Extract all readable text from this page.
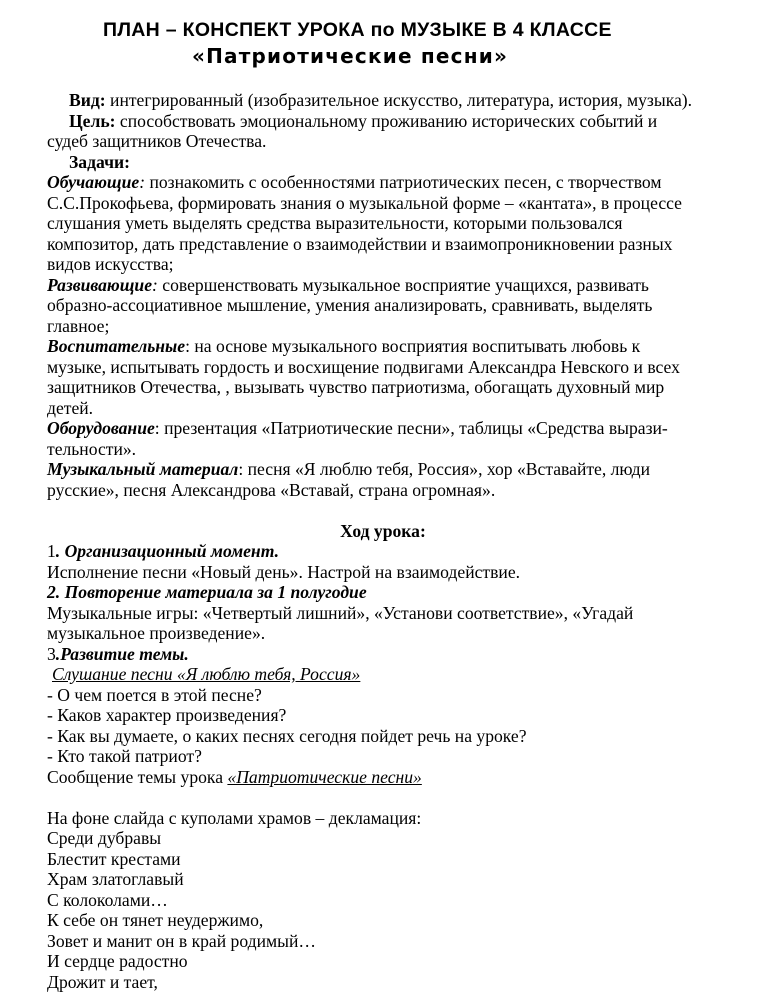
ПЛАН – КОНСПЕКТ УРОКА по МУЗЫКЕ В 4 КЛАССЕ
«Патриотические песни»

Вид: интегрированный (изобразительное искусство, литература, история, музыка).

Цель: способствовать эмоциональному проживанию исторических событий и

судеб защитников Отечества.

Задачи:

Обучающие: познакомить с особенностями патриотических песен, с творчеством

С.С.Прокофьева, формировать знания о музыкальной форме – «кантата», в процессе

слушания уметь выделять средства выразительности, которыми пользовался

композитор, дать представление о взаимодействии и взаимопроникновении разных

видов искусства;

Развивающие: совершенствовать музыкальное восприятие учащихся, развивать

образно-ассоциативное мышление, умения анализировать, сравнивать, выделять

главное;

Воспитательные: на основе музыкального восприятия воспитывать любовь к

музыке, испытывать гордость и восхищение подвигами Александра Невского и всех

защитников Отечества, , вызывать чувство патриотизма, обогащать духовный мир

детей.

Оборудование: презентация «Патриотические песни», таблицы «Средства вырази-

тельности».

Музыкальный материал: песня «Я люблю тебя, Россия», хор «Вставайте, люди

русские», песня Александрова «Вставай, страна огромная».

Ход урока:

1. Организационный момент.

Исполнение песни «Новый день». Настрой на взаимодействие.

2. Повторение материала за 1 полугодие

Музыкальные игры: «Четвертый лишний», «Установи соответствие», «Угадай

музыкальное произведение».

3.Развитие темы.

Слушание песни «Я люблю тебя, Россия»

- О чем поется в этой песне?

- Каков характер произведения?

- Как вы думаете, о каких песнях сегодня пойдет речь на уроке?

- Кто такой патриот?

Сообщение темы урока «Патриотические песни»

На фоне слайда с куполами храмов – декламация:

Среди дубравы

Блестит крестами

Храм златоглавый

С колоколами…

К себе он тянет неудержимо,

Зовет и манит он в край родимый…

И сердце радостно

Дрожит и тает,
